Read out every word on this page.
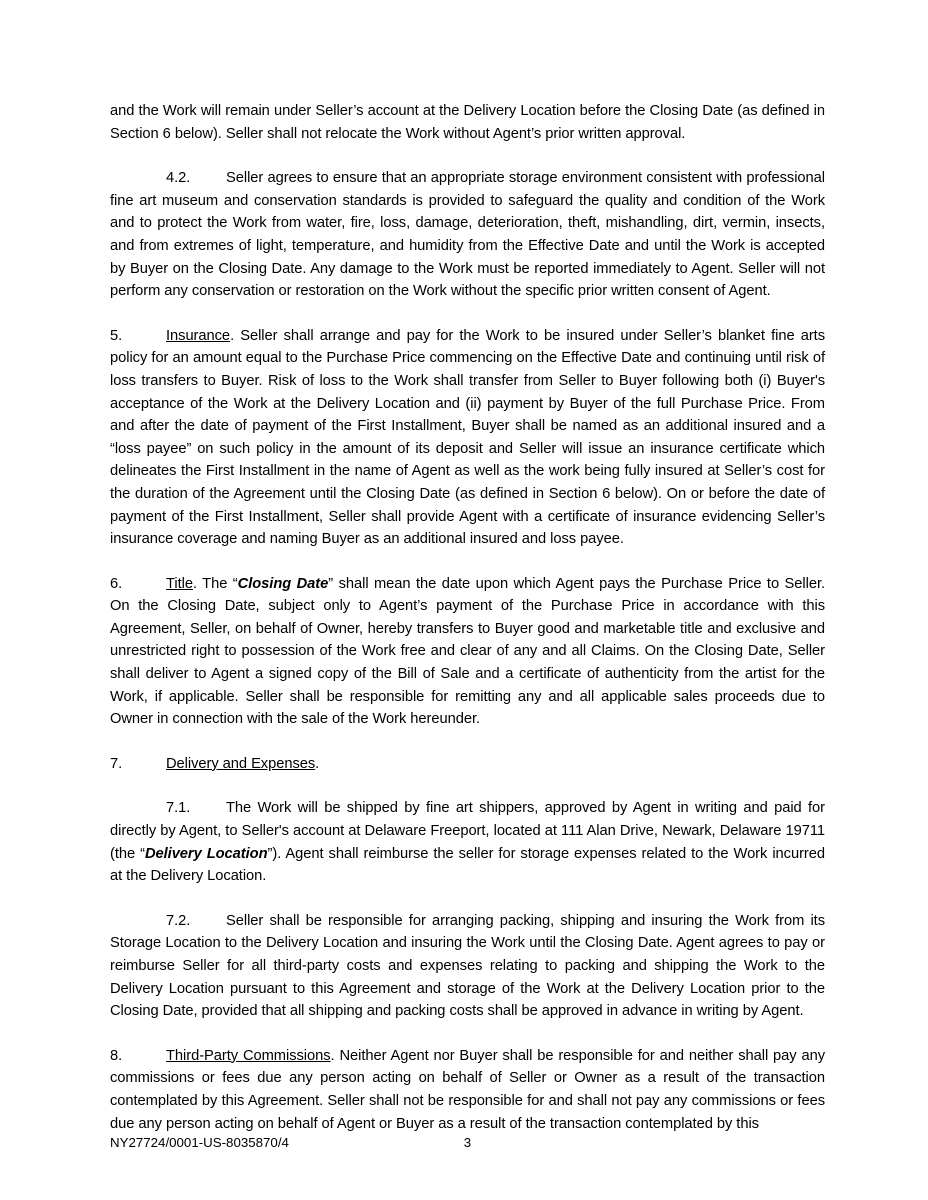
and the Work will remain under Seller’s account at the Delivery Location before the Closing Date (as defined in Section 6 below). Seller shall not relocate the Work without Agent’s prior written approval.

4.2. Seller agrees to ensure that an appropriate storage environment consistent with professional fine art museum and conservation standards is provided to safeguard the quality and condition of the Work and to protect the Work from water, fire, loss, damage, deterioration, theft, mishandling, dirt, vermin, insects, and from extremes of light, temperature, and humidity from the Effective Date and until the Work is accepted by Buyer on the Closing Date. Any damage to the Work must be reported immediately to Agent. Seller will not perform any conservation or restoration on the Work without the specific prior written consent of Agent.

5.	Insurance. Seller shall arrange and pay for the Work to be insured under Seller’s blanket fine arts policy for an amount equal to the Purchase Price commencing on the Effective Date and continuing until risk of loss transfers to Buyer. Risk of loss to the Work shall transfer from Seller to Buyer following both (i) Buyer's acceptance of the Work at the Delivery Location and (ii) payment by Buyer of the full Purchase Price. From and after the date of payment of the First Installment, Buyer shall be named as an additional insured and a “loss payee” on such policy in the amount of its deposit and Seller will issue an insurance certificate which delineates the First Installment in the name of Agent as well as the work being fully insured at Seller’s cost for the duration of the Agreement until the Closing Date (as defined in Section 6 below). On or before the date of payment of the First Installment, Seller shall provide Agent with a certificate of insurance evidencing Seller’s insurance coverage and naming Buyer as an additional insured and loss payee.

6.	Title. The “Closing Date” shall mean the date upon which Agent pays the Purchase Price to Seller. On the Closing Date, subject only to Agent’s payment of the Purchase Price in accordance with this Agreement, Seller, on behalf of Owner, hereby transfers to Buyer good and marketable title and exclusive and unrestricted right to possession of the Work free and clear of any and all Claims. On the Closing Date, Seller shall deliver to Agent a signed copy of the Bill of Sale and a certificate of authenticity from the artist for the Work, if applicable. Seller shall be responsible for remitting any and all applicable sales proceeds due to Owner in connection with the sale of the Work hereunder.

7.	Delivery and Expenses.

7.1. The Work will be shipped by fine art shippers, approved by Agent in writing and paid for directly by Agent, to Seller's account at Delaware Freeport, located at 111 Alan Drive, Newark, Delaware 19711 (the “Delivery Location”). Agent shall reimburse the seller for storage expenses related to the Work incurred at the Delivery Location.

7.2. Seller shall be responsible for arranging packing, shipping and insuring the Work from its Storage Location to the Delivery Location and insuring the Work until the Closing Date. Agent agrees to pay or reimburse Seller for all third-party costs and expenses relating to packing and shipping the Work to the Delivery Location pursuant to this Agreement and storage of the Work at the Delivery Location prior to the Closing Date, provided that all shipping and packing costs shall be approved in advance in writing by Agent.

8.	Third-Party Commissions. Neither Agent nor Buyer shall be responsible for and neither shall pay any commissions or fees due any person acting on behalf of Seller or Owner as a result of the transaction contemplated by this Agreement. Seller shall not be responsible for and shall not pay any commissions or fees due any person acting on behalf of Agent or Buyer as a result of the transaction contemplated by this

3
NY27724/0001-US-8035870/4
